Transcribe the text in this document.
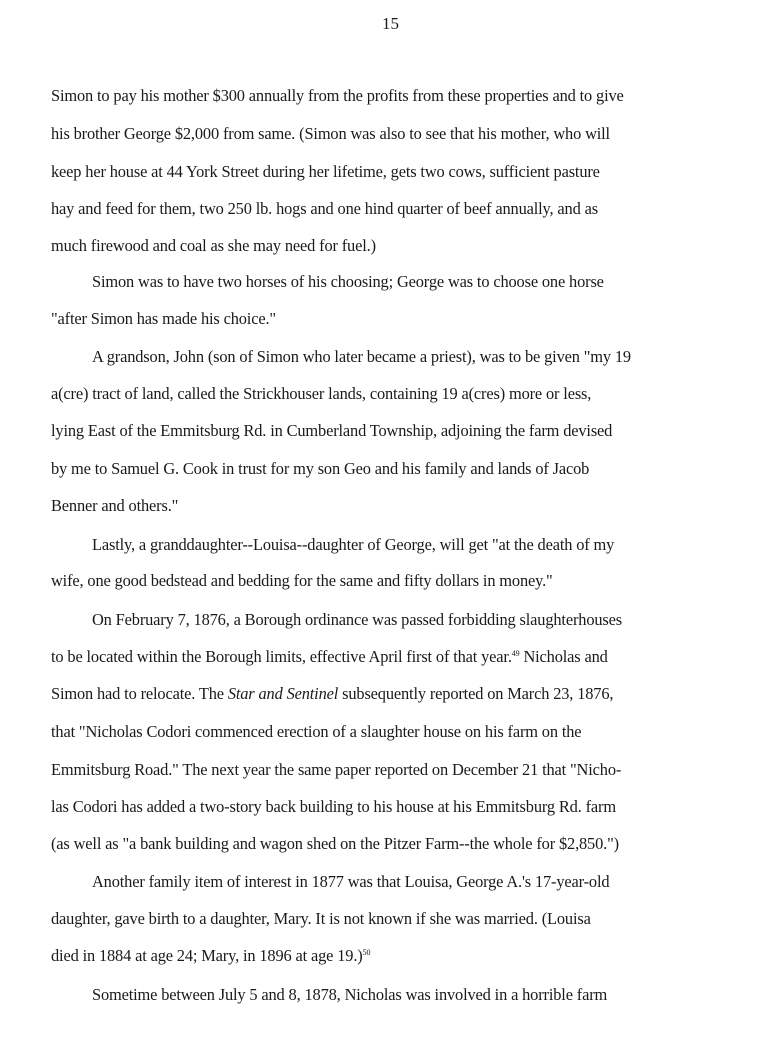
15
Simon to pay his mother $300 annually from the profits from these properties and to give
his brother George $2,000 from same. (Simon was also to see that his mother, who will
keep her house at 44 York Street during her lifetime, gets two cows, sufficient pasture
hay and feed for them, two 250 lb. hogs and one hind quarter of beef annually, and as
much firewood and coal as she may need for fuel.)
Simon was to have two horses of his choosing; George was to choose one horse
"after Simon has made his choice."
A grandson, John (son of Simon who later became a priest), was to be given "my 19
a(cre) tract of land, called the Strickhouser lands, containing 19 a(cres) more or less,
lying East of the Emmitsburg Rd. in Cumberland Township, adjoining the farm devised
by me to Samuel G. Cook in trust for my son Geo and his family and lands of Jacob
Benner and others."
Lastly, a granddaughter--Louisa--daughter of George, will get "at the death of my
wife, one good bedstead and bedding for the same and fifty dollars in money."
On February 7, 1876, a Borough ordinance was passed forbidding slaughterhouses
to be located within the Borough limits, effective April first of that year.$^{49}$ Nicholas and
Simon had to relocate. The Star and Sentinel subsequently reported on March 23, 1876,
that "Nicholas Codori commenced erection of a slaughter house on his farm on the
Emmitsburg Road." The next year the same paper reported on December 21 that "Nicho-
las Codori has added a two-story back building to his house at his Emmitsburg Rd. farm
(as well as "a bank building and wagon shed on the Pitzer Farm--the whole for $2,850.")
Another family item of interest in 1877 was that Louisa, George A.'s 17-year-old
daughter, gave birth to a daughter, Mary. It is not known if she was married. (Louisa
died in 1884 at age 24; Mary, in 1896 at age 19.)$^{50}$
Sometime between July 5 and 8, 1878, Nicholas was involved in a horrible farm
